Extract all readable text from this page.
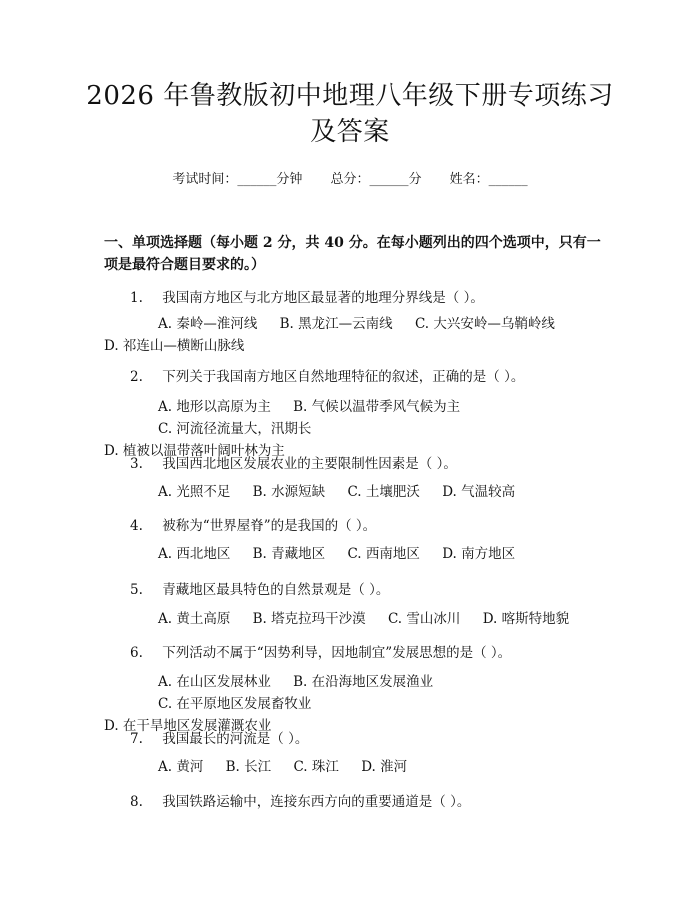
2026 年鲁教版初中地理八年级下册专项练习
及答案
考试时间：______分钟 总分：______分 姓名：______
一、单项选择题（每小题 2 分，共 40 分。在每小题列出的四个选项中，只有一项是最符合题目要求的。）
1. 我国南方地区与北方地区最显著的地理分界线是（ ）。
A. 秦岭—淮河线 B. 黑龙江—云南线 C. 大兴安岭—乌鞘岭线
D. 祁连山—横断山脉线
2. 下列关于我国南方地区自然地理特征的叙述，正确的是（ ）。
A. 地形以高原为主 B. 气候以温带季风气候为主 C. 河流径流量大，汛期长
D. 植被以温带落叶阔叶林为主
3. 我国西北地区发展农业的主要限制性因素是（ ）。
A. 光照不足 B. 水源短缺 C. 土壤肥沃 D. 气温较高
4. 被称为“世界屋脊”的是我国的（ ）。
A. 西北地区 B. 青藏地区 C. 西南地区 D. 南方地区
5. 青藏地区最具特色的自然景观是（ ）。
A. 黄土高原 B. 塔克拉玛干沙漠 C. 雪山冰川 D. 喀斯特地貌
6. 下列活动不属于“因势利导，因地制宜”发展思想的是（ ）。
A. 在山区发展林业 B. 在沿海地区发展渔业 C. 在平原地区发展畜牧业
D. 在干旱地区发展灌溉农业
7. 我国最长的河流是（ ）。
A. 黄河 B. 长江 C. 珠江 D. 淮河
8. 我国铁路运输中，连接东西方向的重要通道是（ ）。
